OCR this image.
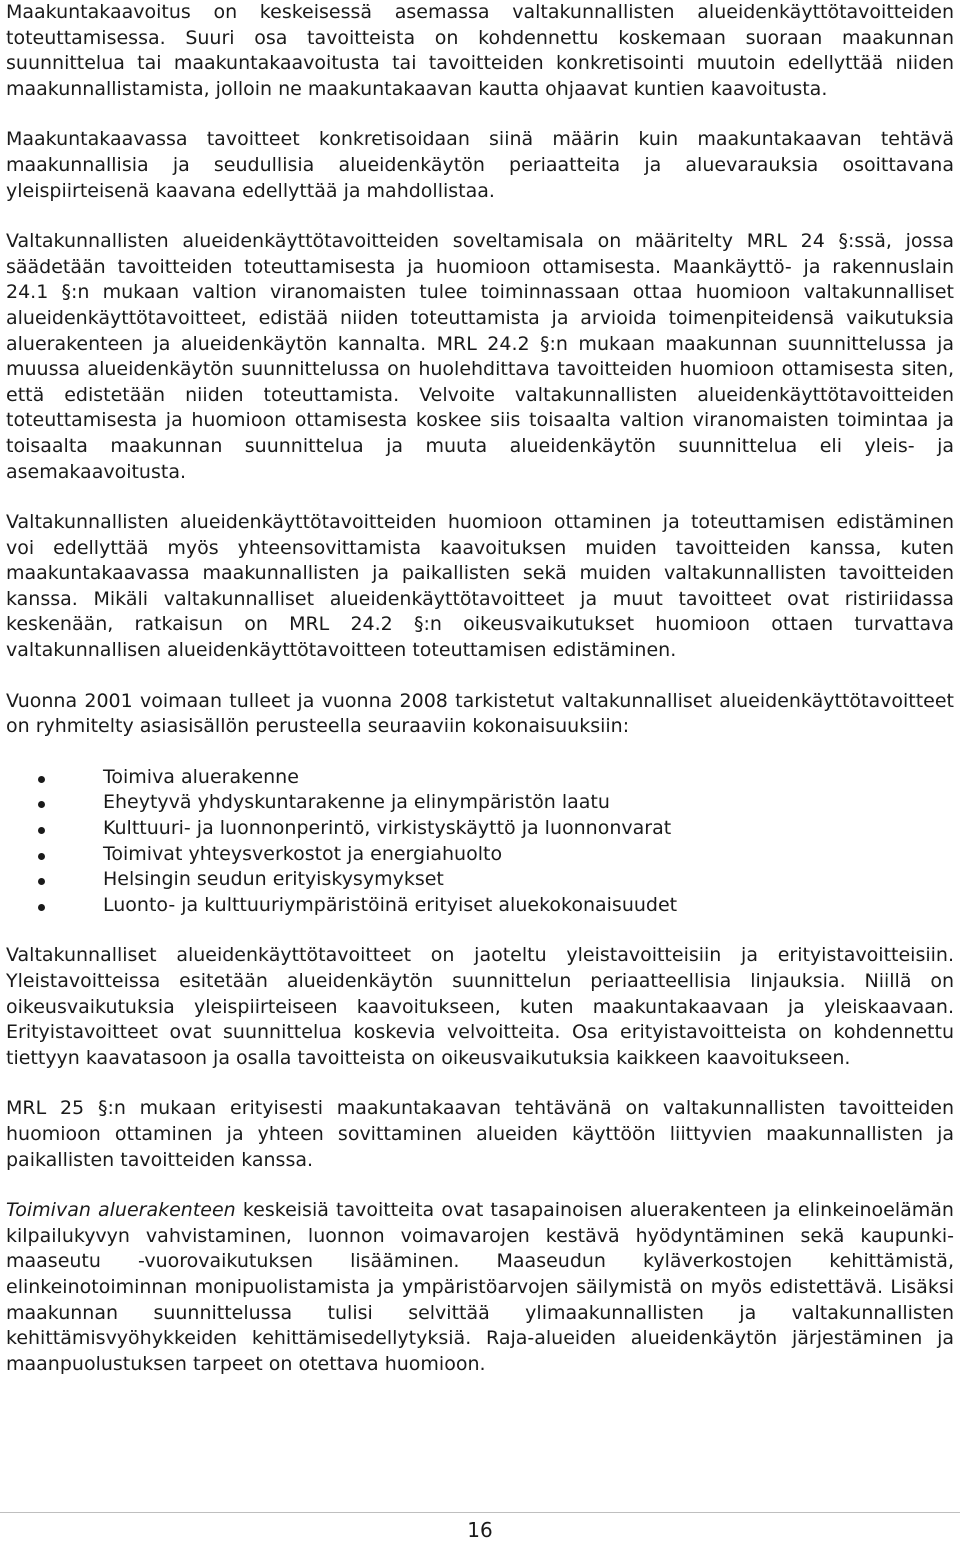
Maakuntakaavoitus on keskeisessä asemassa valtakunnallisten alueidenkäyttötavoitteiden toteuttamisessa. Suuri osa tavoitteista on kohdennettu koskemaan suoraan maakunnan suunnittelua tai maakuntakaavoitusta tai tavoitteiden konkretisointi muutoin edellyttää niiden maakunnallistamista, jolloin ne maakuntakaavan kautta ohjaavat kuntien kaavoitusta.

Maakuntakaavassa tavoitteet konkretisoidaan siinä määrin kuin maakuntakaavan tehtävä maakunnallisia ja seudullisia alueidenkäytön periaatteita ja aluevarauksia osoittavana yleispiirteisenä kaavana edellyttää ja mahdollistaa.

Valtakunnallisten alueidenkäyttötavoitteiden soveltamisala on määritelty MRL 24 §:ssä, jossa säädetään tavoitteiden toteuttamisesta ja huomioon ottamisesta. Maankäyttö- ja rakennuslain 24.1 §:n mukaan valtion viranomaisten tulee toiminnassaan ottaa huomioon valtakunnalliset alueidenkäyttötavoitteet, edistää niiden toteuttamista ja arvioida toimenpiteidensä vaikutuksia aluerakenteen ja alueidenkäytön kannalta. MRL 24.2 §:n mukaan maakunnan suunnittelussa ja muussa alueidenkäytön suunnittelussa on huolehdittava tavoitteiden huomioon ottamisesta siten, että edistetään niiden toteuttamista. Velvoite valtakunnallisten alueidenkäyttötavoitteiden toteuttamisesta ja huomioon ottamisesta koskee siis toisaalta valtion viranomaisten toimintaa ja toisaalta maakunnan suunnittelua ja muuta alueidenkäytön suunnittelua eli yleis- ja asemakaavoitusta.

Valtakunnallisten alueidenkäyttötavoitteiden huomioon ottaminen ja toteuttamisen edistäminen voi edellyttää myös yhteensovittamista kaavoituksen muiden tavoitteiden kanssa, kuten maakuntakaavassa maakunnallisten ja paikallisten sekä muiden valtakunnallisten tavoitteiden kanssa. Mikäli valtakunnalliset alueidenkäyttötavoitteet ja muut tavoitteet ovat ristiriidassa keskenään, ratkaisun on MRL 24.2 §:n oikeusvaikutukset huomioon ottaen turvattava valtakunnallisen alueidenkäyttötavoitteen toteuttamisen edistäminen.

Vuonna 2001 voimaan tulleet ja vuonna 2008 tarkistetut valtakunnalliset alueidenkäyttötavoitteet on ryhmitelty asiasisällön perusteella seuraaviin kokonaisuuksiin:

Toimiva aluerakenne
Eheytyvä yhdyskuntarakenne ja elinympäristön laatu
Kulttuuri- ja luonnonperintö, virkistyskäyttö ja luonnonvarat
Toimivat yhteysverkostot ja energiahuolto
Helsingin seudun erityiskysymykset
Luonto- ja kulttuuriympäristöinä erityiset aluekokonaisuudet

Valtakunnalliset alueidenkäyttötavoitteet on jaoteltu yleistavoitteisiin ja erityistavoitteisiin. Yleistavoitteissa esitetään alueidenkäytön suunnittelun periaatteellisia linjauksia. Niillä on oikeusvaikutuksia yleispiirteiseen kaavoitukseen, kuten maakuntakaavaan ja yleiskaavaan. Erityistavoitteet ovat suunnittelua koskevia velvoitteita. Osa erityistavoitteista on kohdennettu tiettyyn kaavatasoon ja osalla tavoitteista on oikeusvaikutuksia kaikkeen kaavoitukseen.

MRL 25 §:n mukaan erityisesti maakuntakaavan tehtävänä on valtakunnallisten tavoitteiden huomioon ottaminen ja yhteen sovittaminen alueiden käyttöön liittyvien maakunnallisten ja paikallisten tavoitteiden kanssa.

Toimivan aluerakenteen keskeisiä tavoitteita ovat tasapainoisen aluerakenteen ja elinkeinoelämän kilpailukyvyn vahvistaminen, luonnon voimavarojen kestävä hyödyntäminen sekä kaupunki-maaseutu -vuorovaikutuksen lisääminen. Maaseudun kyläverkostojen kehittämistä, elinkeinotoiminnan monipuolistamista ja ympäristöarvojen säilymistä on myös edistettävä. Lisäksi maakunnan suunnittelussa tulisi selvittää ylimaakunnallisten ja valtakunnallisten kehittämisvyöhykkeiden kehittämisedellytyksiä. Raja-alueiden alueidenkäytön järjestäminen ja maanpuolustuksen tarpeet on otettava huomioon.

16
